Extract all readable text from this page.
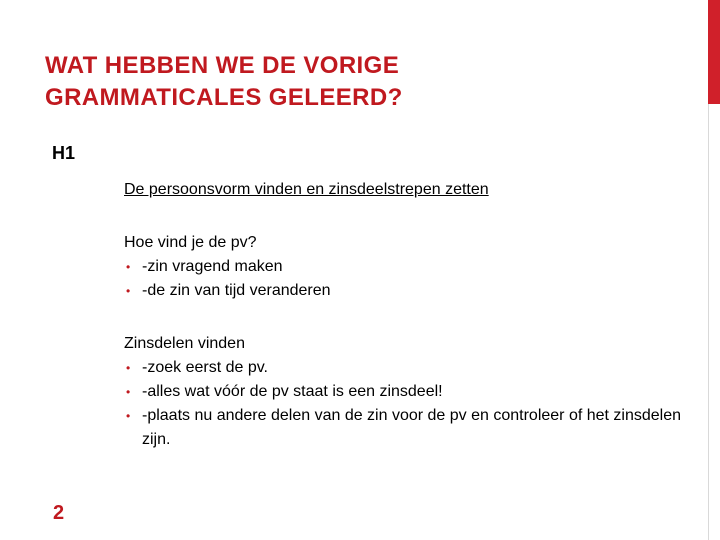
WAT HEBBEN WE DE VORIGE
GRAMMATICALES GELEERD?

H1

De persoonsvorm vinden en zinsdeelstrepen zetten

Hoe vind je de pv?

• -zin vragend maken
• -de zin van tijd veranderen

Zinsdelen vinden

• -zoek eerst de pv.
• -alles wat vóór de pv staat is een zinsdeel!
• -plaats nu andere delen van de zin voor de pv en controleer of het zinsdelen zijn.

2
